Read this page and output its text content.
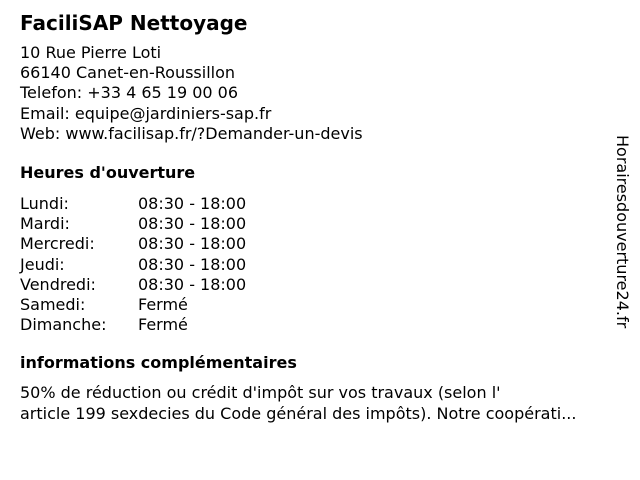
FaciliSAP Nettoyage
10 Rue Pierre Loti
66140 Canet-en-Roussillon
Telefon: +33 4 65 19 00 06
Email: equipe@jardiniers-sap.fr
Web: www.facilisap.fr/?Demander-un-devis
Heures d'ouverture
Lundi:	08:30 - 18:00
Mardi:	08:30 - 18:00
Mercredi:	08:30 - 18:00
Jeudi:	08:30 - 18:00
Vendredi:	08:30 - 18:00
Samedi:	Fermé
Dimanche:	Fermé
informations complémentaires
50% de réduction ou crédit d'impôt sur vos travaux (selon l'
article 199 sexdecies du Code général des impôts). Notre coopérati...
Horairesdouverture24.fr
